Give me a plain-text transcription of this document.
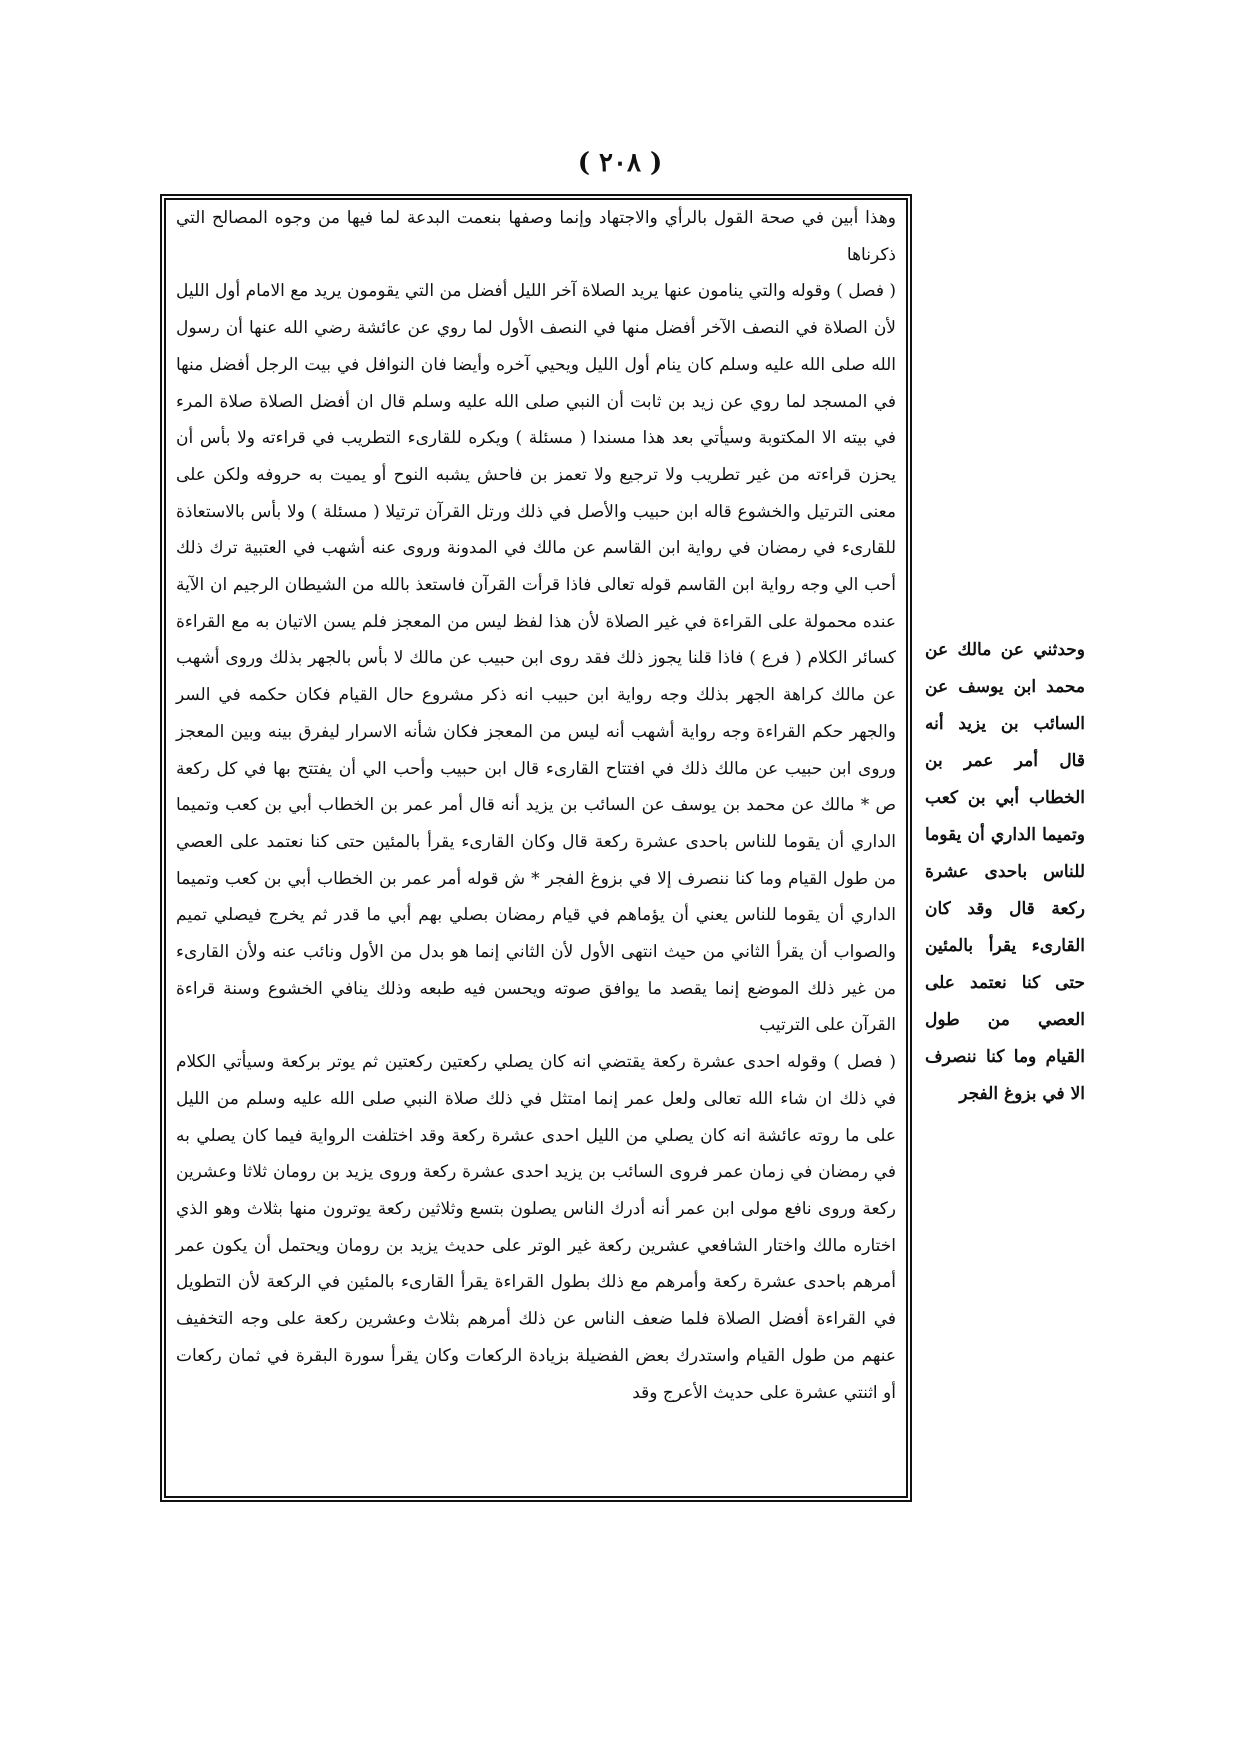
( ٢٠٨ )

وهذا أبين في صحة القول بالرأي والاجتهاد وإنما وصفها بنعمت البدعة لما فيها من وجوه المصالح التي ذكرناها

( فصل ) وقوله والتي ينامون عنها يريد الصلاة آخر الليل أفضل من التي يقومون يريد مع الامام أول الليل لأن الصلاة في النصف الآخر أفضل منها في النصف الأول لما روي عن عائشة رضي الله عنها أن رسول الله صلى الله عليه وسلم كان ينام أول الليل ويحيي آخره وأيضا فان النوافل في بيت الرجل أفضل منها في المسجد لما روي عن زيد بن ثابت أن النبي صلى الله عليه وسلم قال ان أفضل الصلاة صلاة المرء في بيته الا المكتوبة وسيأتي بعد هذا مسندا ( مسئلة ) ويكره للقارىء التطريب في قراءته ولا بأس أن يحزن قراءته من غير تطريب ولا ترجيع ولا تعمز بن فاحش يشبه النوح أو يميت به حروفه ولكن على معنى الترتيل والخشوع قاله ابن حبيب والأصل في ذلك ورتل القرآن ترتيلا ( مسئلة ) ولا بأس بالاستعاذة للقارىء في رمضان في رواية ابن القاسم عن مالك في المدونة وروى عنه أشهب في العتبية ترك ذلك أحب الي وجه رواية ابن القاسم قوله تعالى فاذا قرأت القرآن فاستعذ بالله من الشيطان الرجيم ان الآية عنده محمولة على القراءة في غير الصلاة لأن هذا لفظ ليس من المعجز فلم يسن الاتيان به مع القراءة كسائر الكلام ( فرع ) فاذا قلنا يجوز ذلك فقد روى ابن حبيب عن مالك لا بأس بالجهر بذلك وروى أشهب عن مالك كراهة الجهر بذلك وجه رواية ابن حبيب انه ذكر مشروع حال القيام فكان حكمه في السر والجهر حكم القراءة وجه رواية أشهب أنه ليس من المعجز فكان شأنه الاسرار ليفرق بينه وبين المعجز وروى ابن حبيب عن مالك ذلك في افتتاح القارىء قال ابن حبيب وأحب الي أن يفتتح بها في كل ركعة ص * مالك عن محمد بن يوسف عن السائب بن يزيد أنه قال أمر عمر بن الخطاب أبي بن كعب وتميما الداري أن يقوما للناس باحدى عشرة ركعة قال وكان القارىء يقرأ بالمئين حتى كنا نعتمد على العصي من طول القيام وما كنا ننصرف إلا في بزوغ الفجر * ش قوله أمر عمر بن الخطاب أبي بن كعب وتميما الداري أن يقوما للناس يعني أن يؤماهم في قيام رمضان بصلي بهم أبي ما قدر ثم يخرج فيصلي تميم والصواب أن يقرأ الثاني من حيث انتهى الأول لأن الثاني إنما هو بدل من الأول ونائب عنه ولأن القارىء من غير ذلك الموضع إنما يقصد ما يوافق صوته ويحسن فيه طبعه وذلك ينافي الخشوع وسنة قراءة القرآن على الترتيب

( فصل ) وقوله احدى عشرة ركعة يقتضي انه كان يصلي ركعتين ركعتين ثم يوتر بركعة وسيأتي الكلام في ذلك ان شاء الله تعالى ولعل عمر إنما امتثل في ذلك صلاة النبي صلى الله عليه وسلم من الليل على ما روته عائشة انه كان يصلي من الليل احدى عشرة ركعة وقد اختلفت الرواية فيما كان يصلي به في رمضان في زمان عمر فروى السائب بن يزيد احدى عشرة ركعة وروى يزيد بن رومان ثلاثا وعشرين ركعة وروى نافع مولى ابن عمر أنه أدرك الناس يصلون بتسع وثلاثين ركعة يوترون منها بثلاث وهو الذي اختاره مالك واختار الشافعي عشرين ركعة غير الوتر على حديث يزيد بن رومان ويحتمل أن يكون عمر أمرهم باحدى عشرة ركعة وأمرهم مع ذلك بطول القراءة يقرأ القارىء بالمئين في الركعة لأن التطويل في القراءة أفضل الصلاة فلما ضعف الناس عن ذلك أمرهم بثلاث وعشرين ركعة على وجه التخفيف عنهم من طول القيام واستدرك بعض الفضيلة بزيادة الركعات وكان يقرأ سورة البقرة في ثمان ركعات أو اثنتي عشرة على حديث الأعرج وقد

وحدثني عن مالك عن محمد ابن يوسف عن السائب بن يزيد أنه قال أمر عمر بن الخطاب أبي بن كعب وتميما الداري أن يقوما للناس باحدى عشرة ركعة قال وقد كان القارىء يقرأ بالمئين حتى كنا نعتمد على العصي من طول القيام وما كنا ننصرف الا في بزوغ الفجر
